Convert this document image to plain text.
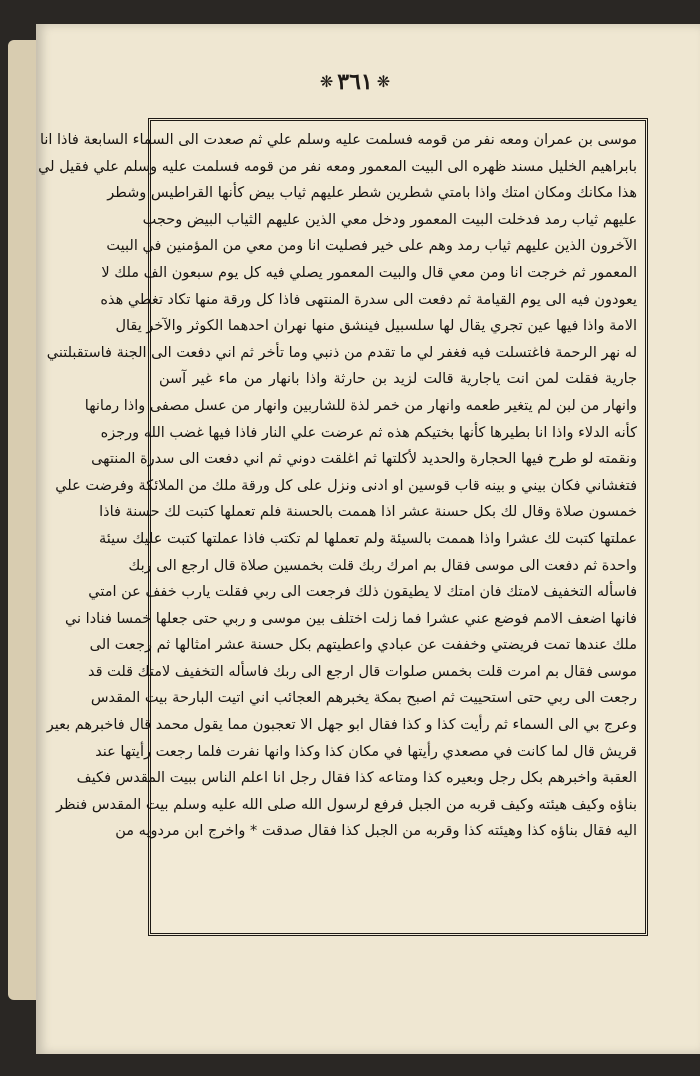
❋ ٣٦١ ❋
موسى بن عمران ومعه نفر من قومه فسلمت عليه وسلم علي ثم صعدت الى السماء السابعة فاذا انا
بابراهيم الخليل مسند ظهره الى البيت المعمور ومعه نفر من قومه فسلمت عليه وسلم علي فقيل لي
هذا مكانك ومكان امتك واذا بامتي شطرين شطر عليهم ثياب بيض كأنها القراطيس وشطر
عليهم ثياب رمد فدخلت البيت المعمور ودخل معي الذين عليهم الثياب البيض وحجب
الآخرون الذين عليهم ثياب رمد وهم على خير فصليت انا ومن معي من المؤمنين في البيت
المعمور ثم خرجت انا ومن معي قال والبيت المعمور يصلي فيه كل يوم سبعون الف ملك لا
يعودون فيه الى يوم القيامة ثم دفعت الى سدرة المنتهى فاذا كل ورقة منها تكاد تغطي هذه
الامة واذا فيها عين تجري يقال لها سلسبيل فينشق منها نهران احدهما الكوثر والآخر يقال
له نهر الرحمة فاغتسلت فيه فغفر لي ما تقدم من ذنبي وما تأخر ثم اني دفعت الى الجنة فاستقبلتني
جارية فقلت لمن انت ياجارية قالت لزيد بن حارثة واذا بانهار من ماء غير آسن
وانهار من لبن لم يتغير طعمه وانهار من خمر لذة للشاربين وانهار من عسل مصفى واذا رمانها
كأنه الدلاء واذا انا بطيرها كأنها بختيكم هذه ثم عرضت علي النار فاذا فيها غضب الله ورجزه
ونقمته لو طرح فيها الحجارة والحديد لأكلتها ثم اغلقت دوني ثم اني دفعت الى سدرة المنتهى
فتغشاني فكان بيني و بينه قاب قوسين او ادنى ونزل على كل ورقة ملك من الملائكة وفرضت علي
خمسون صلاة وقال لك بكل حسنة عشر اذا هممت بالحسنة فلم تعملها كتبت لك حسنة فاذا
عملتها كتبت لك عشرا واذا هممت بالسيئة ولم تعملها لم تكتب فاذا عملتها كتبت عليك سيئة
واحدة ثم دفعت الى موسى فقال بم امرك ربك قلت بخمسين صلاة قال ارجع الى ربك
فاسأله التخفيف لامتك فان امتك لا يطيقون ذلك فرجعت الى ربي فقلت يارب خفف عن امتي
فانها اضعف الامم فوضع عني عشرا فما زلت اختلف بين موسى و ربي حتى جعلها خمسا فنادا ني
ملك عندها تمت فريضتي وخففت عن عبادي واعطيتهم بكل حسنة عشر امثالها ثم رجعت الى
موسى فقال بم امرت قلت بخمس صلوات قال ارجع الى ربك فاسأله التخفيف لامتك قلت قد
رجعت الى ربي حتى استحييت ثم اصبح بمكة يخبرهم العجائب اني اتيت البارحة بيت المقدس
وعرج بي الى السماء ثم رأيت كذا و كذا فقال ابو جهل الا تعجبون مما يقول محمد قال فاخبرهم بعير
قريش قال لما كانت في مصعدي رأيتها في مكان كذا وكذا وانها نفرت فلما رجعت رأيتها عند
العقبة واخبرهم بكل رجل وبعيره كذا ومتاعه كذا فقال رجل انا اعلم الناس ببيت المقدس فكيف
بناؤه وكيف هيئته وكيف قربه من الجبل فرفع لرسول الله صلى الله عليه وسلم بيت المقدس فنظر
اليه فقال بناؤه كذا وهيئته كذا وقربه من الجبل كذا فقال صدقت * واخرج ابن مردويه من
